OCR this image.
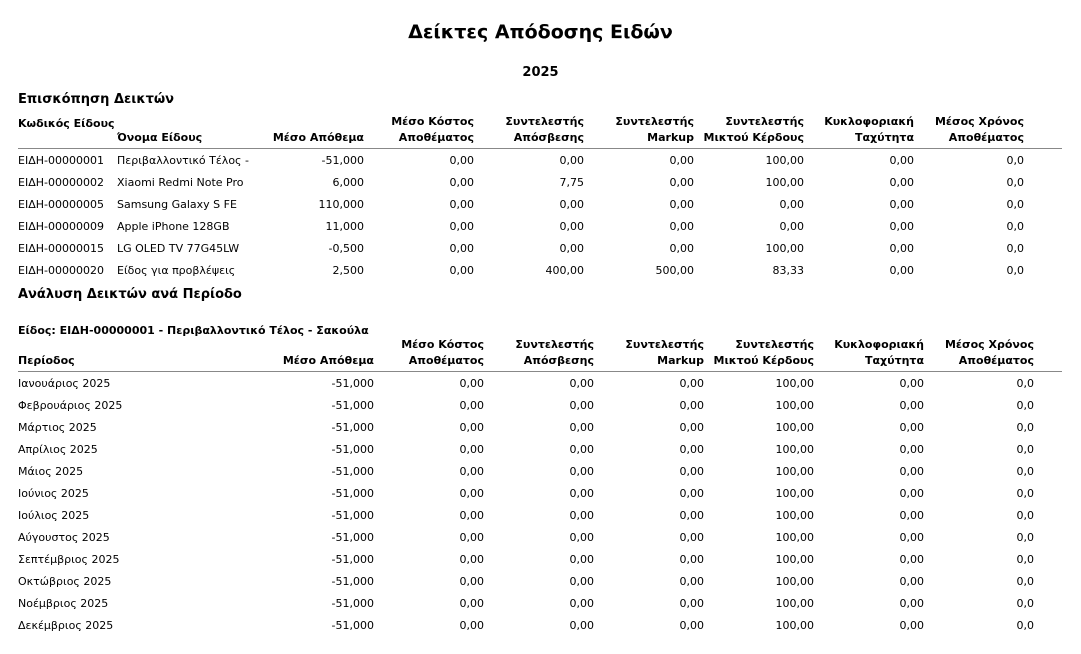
Δείκτες Απόδοσης Ειδών
2025
Επισκόπηση Δεικτών
Κωδικός Είδους	Όνομα Είδους	Μέσο Απόθεμα	Μέσο Κόστος Αποθέματος	Συντελεστής Απόσβεσης	Συντελεστής Markup	Συντελεστής Μικτού Κέρδους	Κυκλοφοριακή Ταχύτητα	Μέσος Χρόνος Αποθέματος	
ΕΙΔΗ-00000001	Περιβαλλοντικό Τέλος -	-51,000	0,00	0,00	0,00	100,00	0,00	0,0	
ΕΙΔΗ-00000002	Xiaomi Redmi Note Pro	6,000	0,00	7,75	0,00	100,00	0,00	0,0	
ΕΙΔΗ-00000005	Samsung Galaxy S FE	110,000	0,00	0,00	0,00	0,00	0,00	0,0	
ΕΙΔΗ-00000009	Apple iPhone 128GB	11,000	0,00	0,00	0,00	0,00	0,00	0,0	
ΕΙΔΗ-00000015	LG OLED TV 77G45LW	-0,500	0,00	0,00	0,00	100,00	0,00	0,0	
ΕΙΔΗ-00000020	Είδος για προβλέψεις	2,500	0,00	400,00	500,00	83,33	0,00	0,0	
Ανάλυση Δεικτών ανά Περίοδο
Είδος: ΕΙΔΗ-00000001 - Περιβαλλοντικό Τέλος - Σακούλα
Περίοδος	Μέσο Απόθεμα	Μέσο Κόστος Αποθέματος	Συντελεστής Απόσβεσης	Συντελεστής Markup	Συντελεστής Μικτού Κέρδους	Κυκλοφοριακή Ταχύτητα	Μέσος Χρόνος Αποθέματος	
Ιανουάριος 2025	-51,000	0,00	0,00	0,00	100,00	0,00	0,0	
Φεβρουάριος 2025	-51,000	0,00	0,00	0,00	100,00	0,00	0,0	
Μάρτιος 2025	-51,000	0,00	0,00	0,00	100,00	0,00	0,0	
Απρίλιος 2025	-51,000	0,00	0,00	0,00	100,00	0,00	0,0	
Μάιος 2025	-51,000	0,00	0,00	0,00	100,00	0,00	0,0	
Ιούνιος 2025	-51,000	0,00	0,00	0,00	100,00	0,00	0,0	
Ιούλιος 2025	-51,000	0,00	0,00	0,00	100,00	0,00	0,0	
Αύγουστος 2025	-51,000	0,00	0,00	0,00	100,00	0,00	0,0	
Σεπτέμβριος 2025	-51,000	0,00	0,00	0,00	100,00	0,00	0,0	
Οκτώβριος 2025	-51,000	0,00	0,00	0,00	100,00	0,00	0,0	
Νοέμβριος 2025	-51,000	0,00	0,00	0,00	100,00	0,00	0,0	
Δεκέμβριος 2025	-51,000	0,00	0,00	0,00	100,00	0,00	0,0	
